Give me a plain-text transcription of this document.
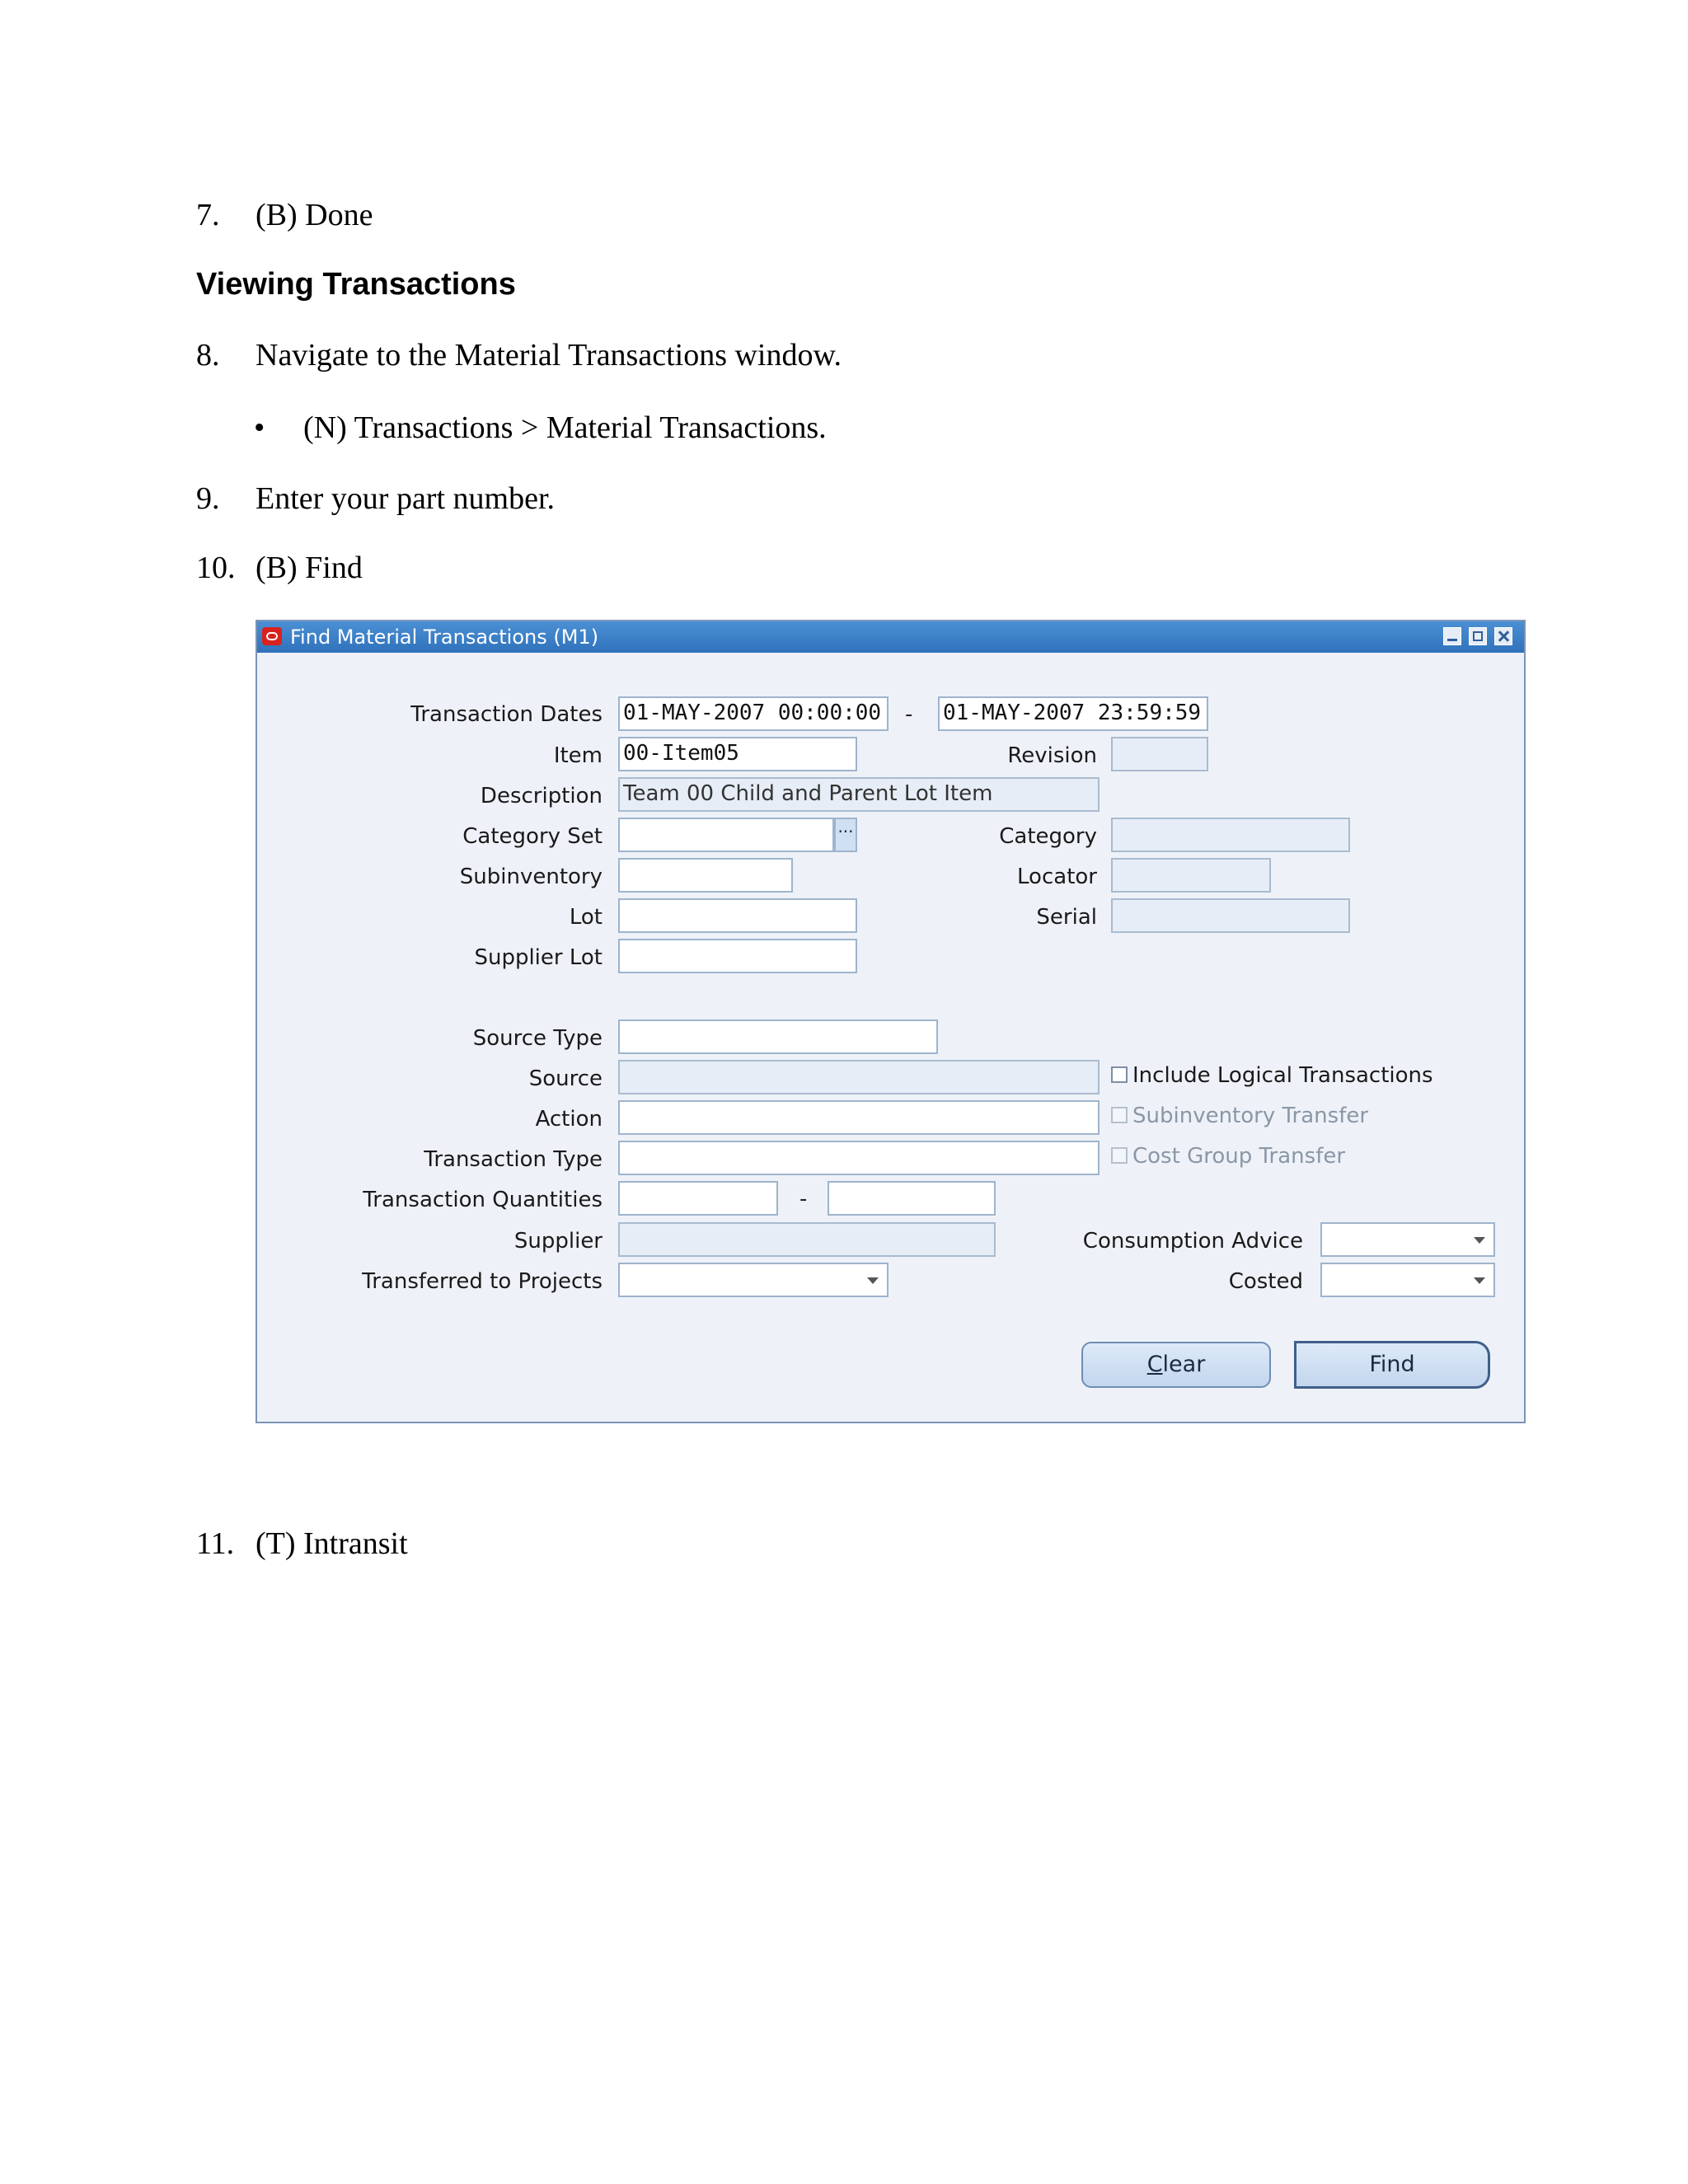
7. (B) Done
Viewing Transactions
8. Navigate to the Material Transactions window.
• (N) Transactions > Material Transactions.
9. Enter your part number.
10. (B) Find
Find Material Transactions (M1)
Transaction Dates
Item
Description
Category Set
Subinventory
Lot
Supplier Lot
Source Type
Source
Action
Transaction Type
Transaction Quantities
Supplier
Transferred to Projects
Revision
Category
Locator
Serial
Consumption Advice
Costed
01-MAY-2007 00:00:00	- 01-MAY-2007 23:59:59
00-Item05
Team 00 Child and Parent Lot Item
···
-
Include Logical Transactions
Subinventory Transfer
Cost Group Transfer
Clear	Find
11. (T) Intransit
